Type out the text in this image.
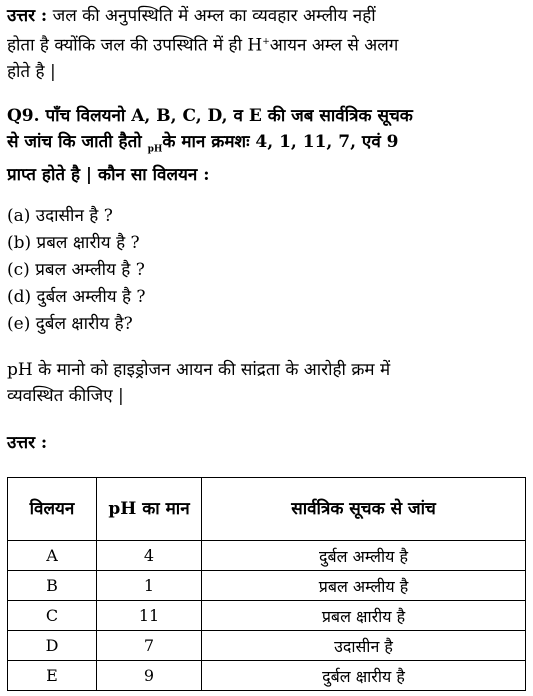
उत्तर : जल की अनुपस्थिति में अम्ल का व्यवहार अम्लीय नहीं
होता है क्योंकि जल की उपस्थिति में ही H+आयन अम्ल से अलग
होते है |
Q9. पाँच विलयनो A, B, C, D, व E की जब सार्वत्रिक सूचक
से जांच कि जाती हैतो $_{pH}$के मान क्रमशः 4, 1, 11, 7, एवं 9
प्राप्त होते है | कौन सा विलयन :
(a) उदासीन है ?
(b) प्रबल क्षारीय है ?
(c) प्रबल अम्लीय है ?
(d) दुर्बल अम्लीय है ?
(e) दुर्बल क्षारीय है?
pH के मानो को हाइड्रोजन आयन की सांद्रता के आरोही क्रम में
व्यवस्थित कीजिए |
उत्तर :
विलयन	pH का मान	सार्वत्रिक सूचक से जांच
A	4	दुर्बल अम्लीय है
B	1	प्रबल अम्लीय है
C	11	प्रबल क्षारीय है
D	7	उदासीन है
E	9	दुर्बल क्षारीय है
